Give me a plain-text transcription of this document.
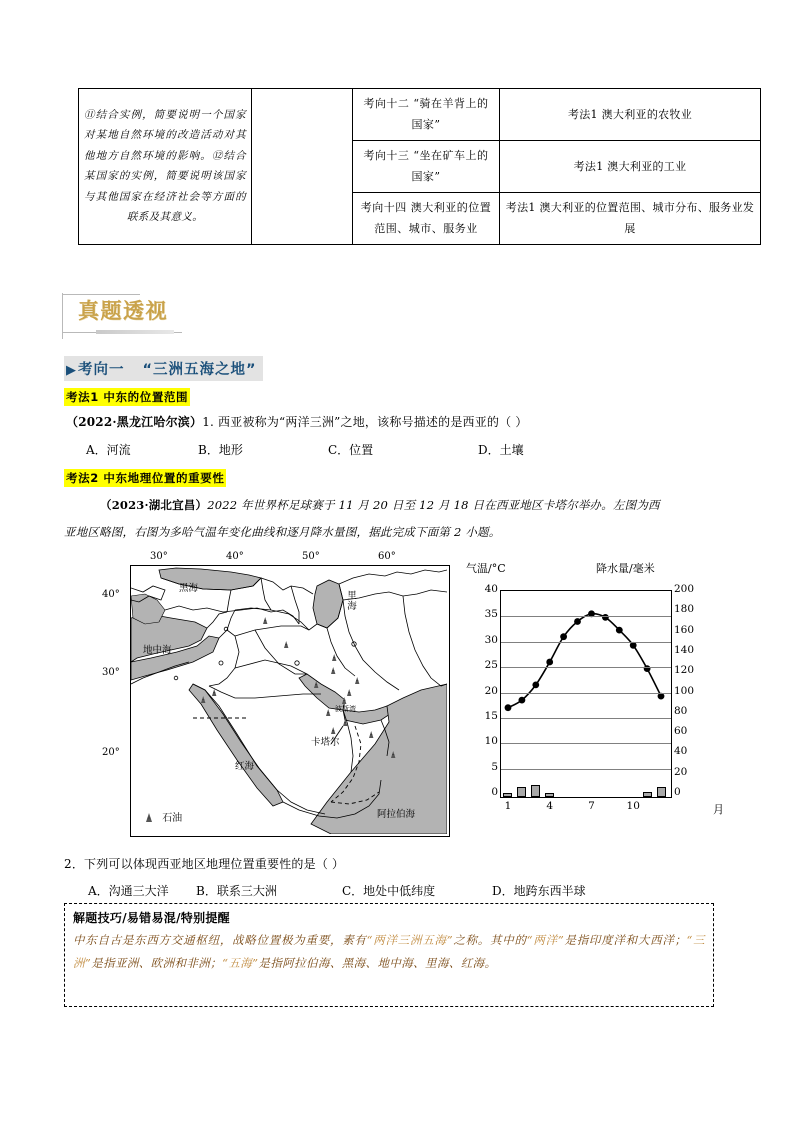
⑪结合实例，简要说明一个国家对某地自然环境的改造活动对其他地方自然环境的影响。⑫结合某国家的实例，简要说明该国家与其他国家在经济社会等方面的联系及其意义。		考向十二 “骑在羊背上的国家”	考法1 澳大利亚的农牧业
		考向十三 “坐在矿车上的国家”	考法1 澳大利亚的工业
		考向十四 澳大利亚的位置范围、城市、服务业	考法1 澳大利亚的位置范围、城市分布、服务业发展
真题透视
▶考向一 “三洲五海之地”
考法1 中东的位置范围
（2022·黑龙江哈尔滨）1. 西亚被称为“两洋三洲”之地，该称号描述的是西亚的（ ）
A．河流	B．地形	C．位置	D．土壤
考法2 中东地理位置的重要性
（2023·湖北宜昌）2022 年世界杯足球赛于 11 月 20 日至 12 月 18 日在西亚地区卡塔尔举办。左图为西
亚地区略图，右图为多哈气温年变化曲线和逐月降水量图，据此完成下面第 2 小题。
30°	40°	50°	60°
40°
30°
20°
黑海
里海
地中海
红海
阿拉伯海
波斯湾
卡塔尔
石油
气温/°C	降水量/毫米
月
0
5
10
15
20
25
30
35
40
0
20
40
60
80
100
120
140
160
180
200
1	4	7	10
2．下列可以体现西亚地区地理位置重要性的是（ ）
A．沟通三大洋 B．联系三大洲	C．地处中低纬度	D．地跨东西半球
解题技巧/易错易混/特别提醒
中东自古是东西方交通枢纽，战略位置极为重要，素有“两洋三洲五海”之称。其中的“两洋”是指印度洋和大西洋；“三洲”是指亚洲、欧洲和非洲；“五海”是指阿拉伯海、黑海、地中海、里海、红海。
